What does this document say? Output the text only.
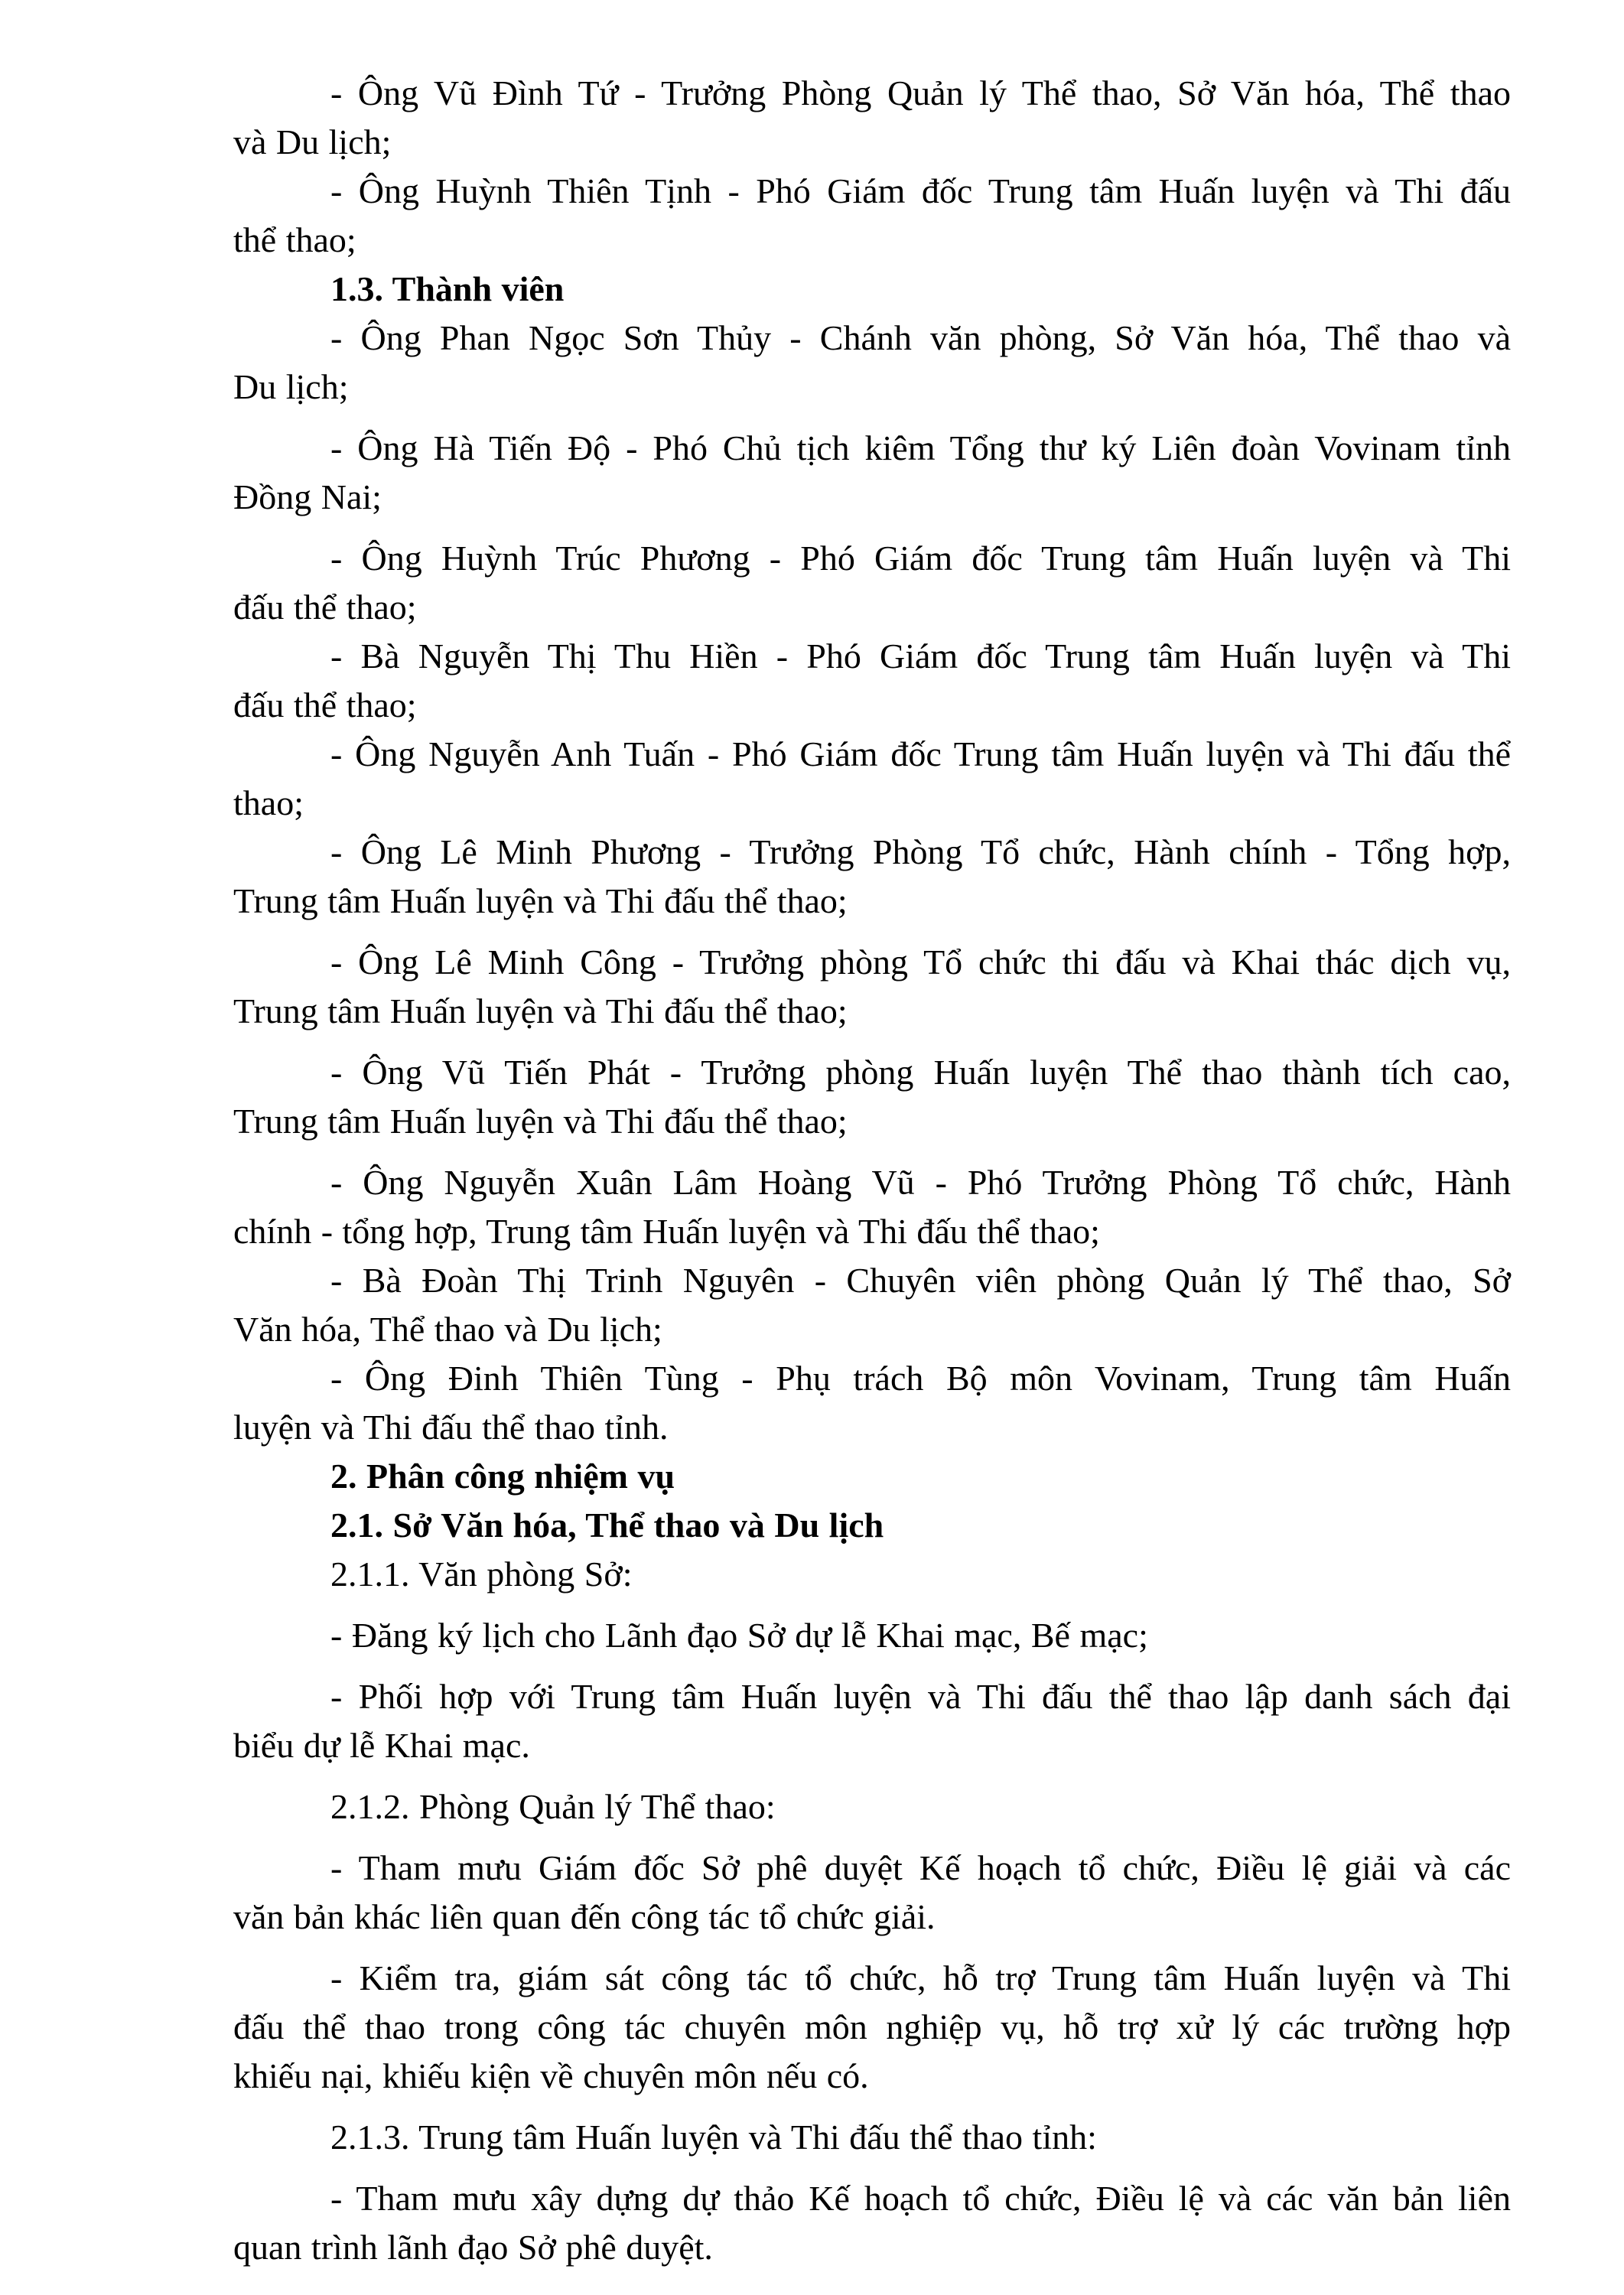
- Ông Vũ Đình Tứ - Trưởng Phòng Quản lý Thể thao, Sở Văn hóa, Thể thao
và Du lịch;
- Ông Huỳnh Thiên Tịnh - Phó Giám đốc Trung tâm Huấn luyện và Thi đấu
thể thao;
1.3. Thành viên
- Ông Phan Ngọc Sơn Thủy - Chánh văn phòng, Sở Văn hóa, Thể thao và
Du lịch;
- Ông Hà Tiến Độ - Phó Chủ tịch kiêm Tổng thư ký Liên đoàn Vovinam tỉnh
Đồng Nai;
- Ông Huỳnh Trúc Phương - Phó Giám đốc Trung tâm Huấn luyện và Thi
đấu thể thao;
- Bà Nguyễn Thị Thu Hiền - Phó Giám đốc Trung tâm Huấn luyện và Thi
đấu thể thao;
- Ông Nguyễn Anh Tuấn - Phó Giám đốc Trung tâm Huấn luyện và Thi đấu thể
thao;
- Ông Lê Minh Phương - Trưởng Phòng Tổ chức, Hành chính - Tổng hợp,
Trung tâm Huấn luyện và Thi đấu thể thao;
- Ông Lê Minh Công - Trưởng phòng Tổ chức thi đấu và Khai thác dịch vụ,
Trung tâm Huấn luyện và Thi đấu thể thao;
- Ông Vũ Tiến Phát - Trưởng phòng Huấn luyện Thể thao thành tích cao,
Trung tâm Huấn luyện và Thi đấu thể thao;
- Ông Nguyễn Xuân Lâm Hoàng Vũ - Phó Trưởng Phòng Tổ chức, Hành
chính - tổng hợp, Trung tâm Huấn luyện và Thi đấu thể thao;
- Bà Đoàn Thị Trinh Nguyên - Chuyên viên phòng Quản lý Thể thao, Sở
Văn hóa, Thể thao và Du lịch;
- Ông Đinh Thiên Tùng - Phụ trách Bộ môn Vovinam, Trung tâm Huấn
luyện và Thi đấu thể thao tỉnh.
2. Phân công nhiệm vụ
2.1. Sở Văn hóa, Thể thao và Du lịch
2.1.1. Văn phòng Sở:
- Đăng ký lịch cho Lãnh đạo Sở dự lễ Khai mạc, Bế mạc;
- Phối hợp với Trung tâm Huấn luyện và Thi đấu thể thao lập danh sách đại
biểu dự lễ Khai mạc.
2.1.2. Phòng Quản lý Thể thao:
- Tham mưu Giám đốc Sở phê duyệt Kế hoạch tổ chức, Điều lệ giải và các
văn bản khác liên quan đến công tác tổ chức giải.
- Kiểm tra, giám sát công tác tổ chức, hỗ trợ Trung tâm Huấn luyện và Thi
đấu thể thao trong công tác chuyên môn nghiệp vụ, hỗ trợ xử lý các trường hợp
khiếu nại, khiếu kiện về chuyên môn nếu có.
2.1.3. Trung tâm Huấn luyện và Thi đấu thể thao tỉnh:
- Tham mưu xây dựng dự thảo Kế hoạch tổ chức, Điều lệ và các văn bản liên
quan trình lãnh đạo Sở phê duyệt.
